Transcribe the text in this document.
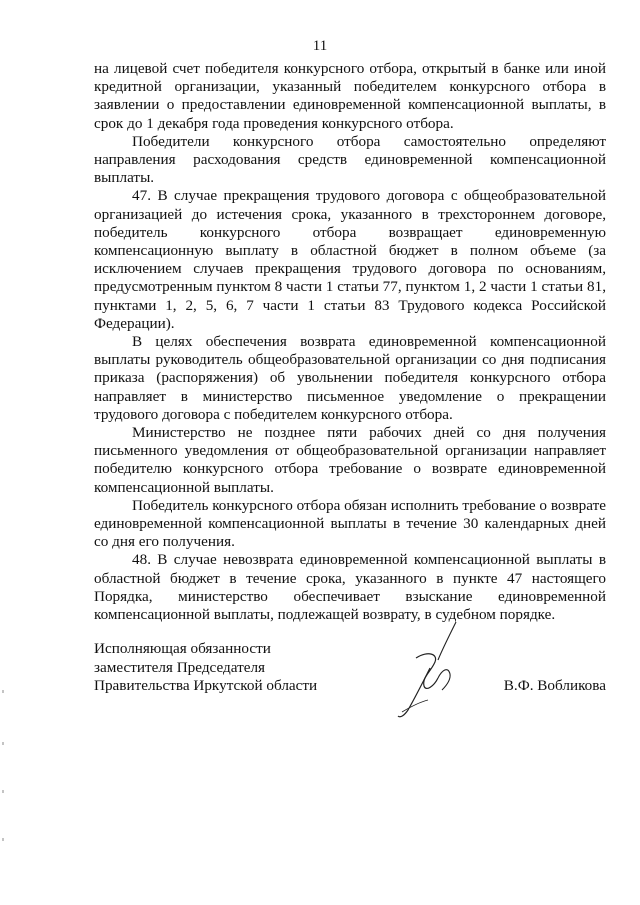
11

на лицевой счет победителя конкурсного отбора, открытый в банке или иной кредитной организации, указанный победителем конкурсного отбора в заявлении о предоставлении единовременной компенсационной выплаты, в срок до 1 декабря года проведения конкурсного отбора.

Победители конкурсного отбора самостоятельно определяют направления расходования средств единовременной компенсационной выплаты.

47. В случае прекращения трудового договора с общеобразовательной организацией до истечения срока, указанного в трехстороннем договоре, победитель конкурсного отбора возвращает единовременную компенсационную выплату в областной бюджет в полном объеме (за исключением случаев прекращения трудового договора по основаниям, предусмотренным пунктом 8 части 1 статьи 77, пунктом 1, 2 части 1 статьи 81, пунктами 1, 2, 5, 6, 7 части 1 статьи 83 Трудового кодекса Российской Федерации).

В целях обеспечения возврата единовременной компенсационной выплаты руководитель общеобразовательной организации со дня подписания приказа (распоряжения) об увольнении победителя конкурсного отбора направляет в министерство письменное уведомление о прекращении трудового договора с победителем конкурсного отбора.

Министерство не позднее пяти рабочих дней со дня получения письменного уведомления от общеобразовательной организации направляет победителю конкурсного отбора требование о возврате единовременной компенсационной выплаты.

Победитель конкурсного отбора обязан исполнить требование о возврате единовременной компенсационной выплаты в течение 30 календарных дней со дня его получения.

48. В случае невозврата единовременной компенсационной выплаты в областной бюджет в течение срока, указанного в пункте 47 настоящего Порядка, министерство обеспечивает взыскание единовременной компенсационной выплаты, подлежащей возврату, в судебном порядке.

Исполняющая обязанности
заместителя Председателя
Правительства Иркутской области	В.Ф. Вобликова
